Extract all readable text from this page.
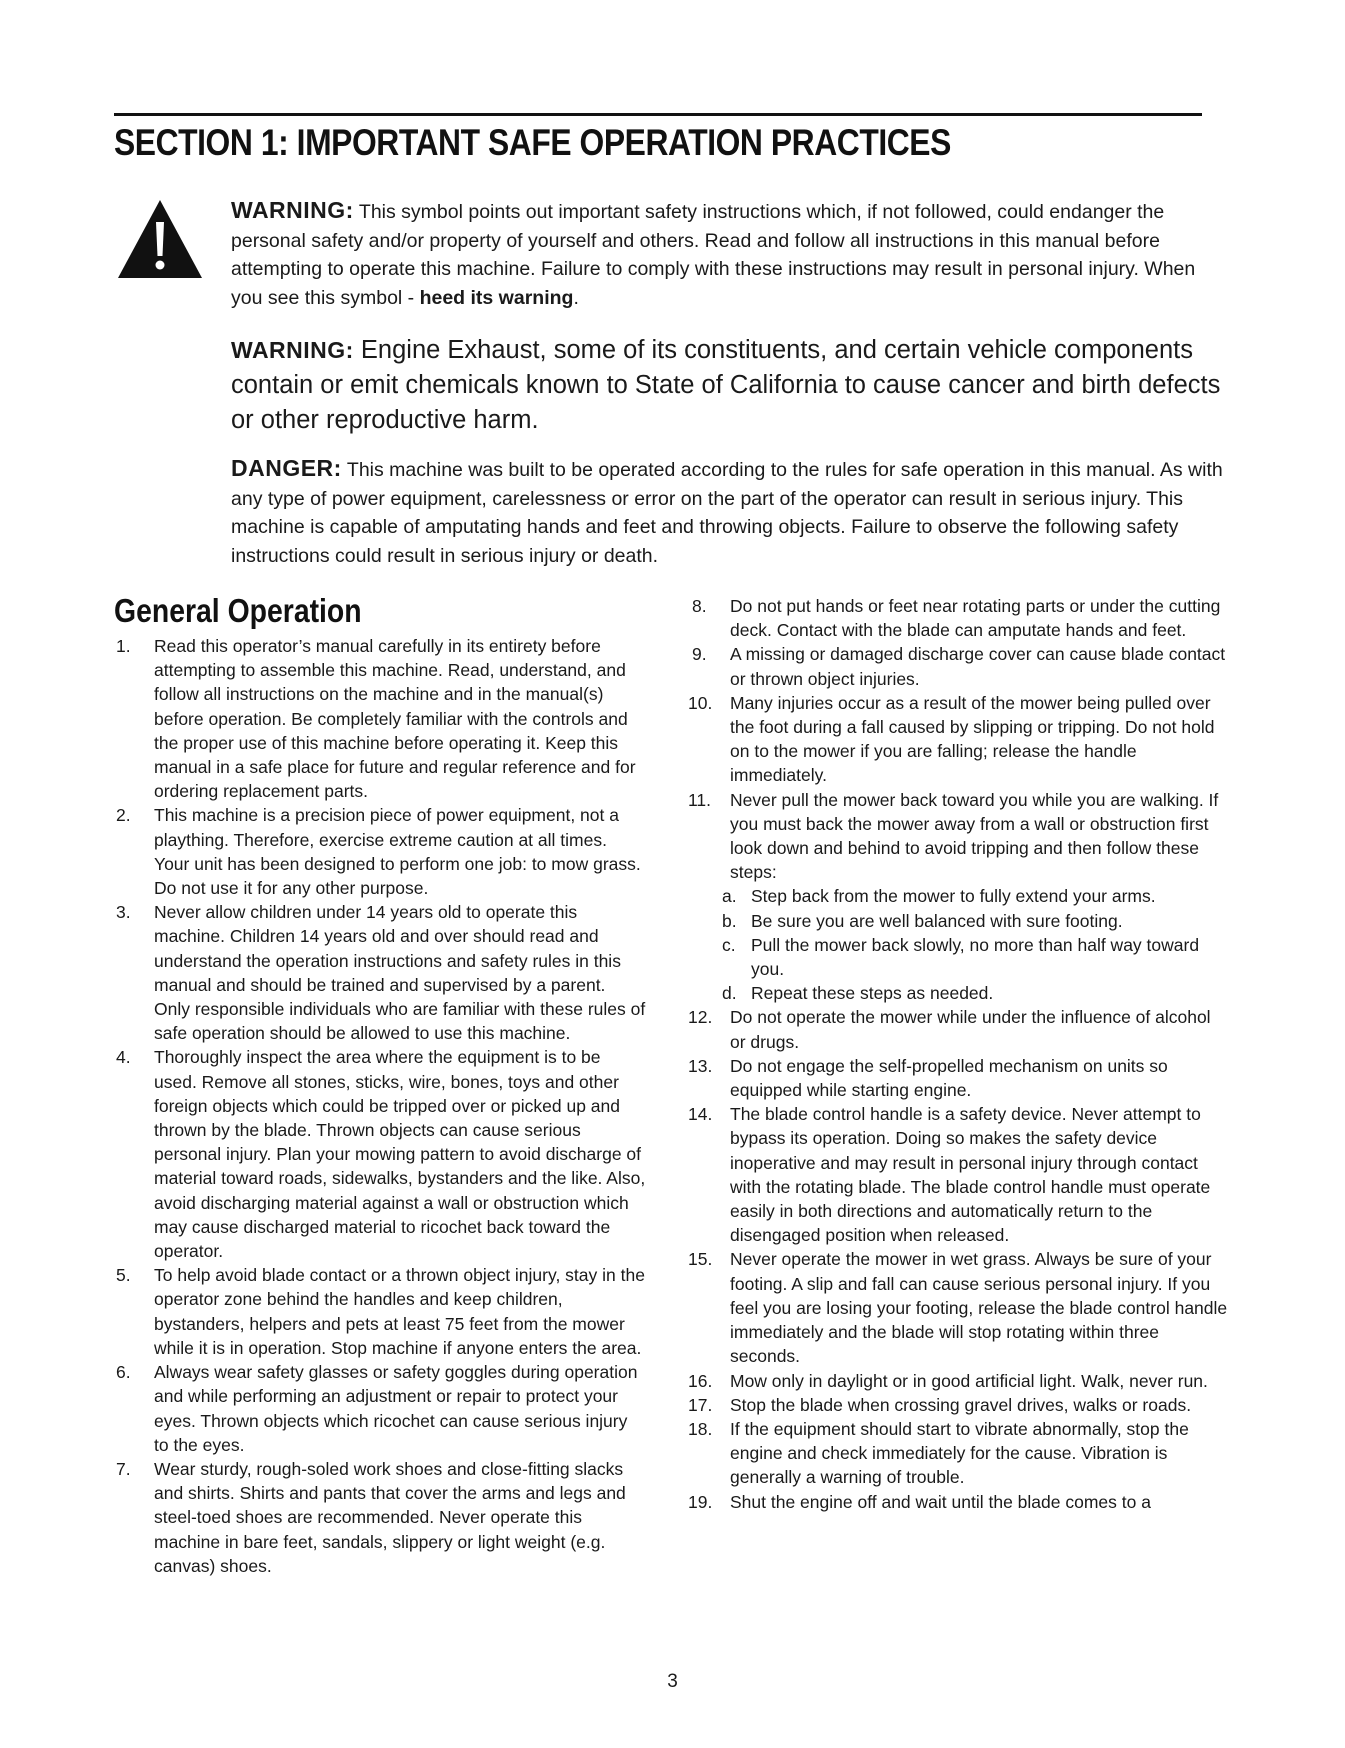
SECTION 1: IMPORTANT SAFE OPERATION PRACTICES
WARNING: This symbol points out important safety instructions which, if not followed, could endanger the personal safety and/or property of yourself and others. Read and follow all instructions in this manual before attempting to operate this machine. Failure to comply with these instructions may result in personal injury. When you see this symbol - heed its warning.
WARNING: Engine Exhaust, some of its constituents, and certain vehicle components contain or emit chemicals known to State of California to cause cancer and birth defects or other reproductive harm.
DANGER: This machine was built to be operated according to the rules for safe operation in this manual. As with any type of power equipment, carelessness or error on the part of the operator can result in serious injury. This machine is capable of amputating hands and feet and throwing objects. Failure to observe the following safety instructions could result in serious injury or death.
General Operation
1. Read this operator’s manual carefully in its entirety before attempting to assemble this machine. Read, understand, and follow all instructions on the machine and in the manual(s) before operation. Be completely familiar with the controls and the proper use of this machine before operating it. Keep this manual in a safe place for future and regular reference and for ordering replacement parts.
2. This machine is a precision piece of power equipment, not a plaything. Therefore, exercise extreme caution at all times. Your unit has been designed to perform one job: to mow grass. Do not use it for any other purpose.
3. Never allow children under 14 years old to operate this machine. Children 14 years old and over should read and understand the operation instructions and safety rules in this manual and should be trained and supervised by a parent. Only responsible individuals who are familiar with these rules of safe operation should be allowed to use this machine.
4. Thoroughly inspect the area where the equipment is to be used. Remove all stones, sticks, wire, bones, toys and other foreign objects which could be tripped over or picked up and thrown by the blade. Thrown objects can cause serious personal injury. Plan your mowing pattern to avoid discharge of material toward roads, sidewalks, bystanders and the like. Also, avoid discharging material against a wall or obstruction which may cause discharged material to ricochet back toward the operator.
5. To help avoid blade contact or a thrown object injury, stay in the operator zone behind the handles and keep children, bystanders, helpers and pets at least 75 feet from the mower while it is in operation. Stop machine if anyone enters the area.
6. Always wear safety glasses or safety goggles during operation and while performing an adjustment or repair to protect your eyes. Thrown objects which ricochet can cause serious injury to the eyes.
7. Wear sturdy, rough-soled work shoes and close-fitting slacks and shirts. Shirts and pants that cover the arms and legs and steel-toed shoes are recommended. Never operate this machine in bare feet, sandals, slippery or light weight (e.g. canvas) shoes.
8. Do not put hands or feet near rotating parts or under the cutting deck. Contact with the blade can amputate hands and feet.
9. A missing or damaged discharge cover can cause blade contact or thrown object injuries.
10. Many injuries occur as a result of the mower being pulled over the foot during a fall caused by slipping or tripping. Do not hold on to the mower if you are falling; release the handle immediately.
11. Never pull the mower back toward you while you are walking. If you must back the mower away from a wall or obstruction first look down and behind to avoid tripping and then follow these steps:
a. Step back from the mower to fully extend your arms.
b. Be sure you are well balanced with sure footing.
c. Pull the mower back slowly, no more than half way toward you.
d. Repeat these steps as needed.
12. Do not operate the mower while under the influence of alcohol or drugs.
13. Do not engage the self-propelled mechanism on units so equipped while starting engine.
14. The blade control handle is a safety device. Never attempt to bypass its operation. Doing so makes the safety device inoperative and may result in personal injury through contact with the rotating blade. The blade control handle must operate easily in both directions and automatically return to the disengaged position when released.
15. Never operate the mower in wet grass. Always be sure of your footing. A slip and fall can cause serious personal injury. If you feel you are losing your footing, release the blade control handle immediately and the blade will stop rotating within three seconds.
16. Mow only in daylight or in good artificial light. Walk, never run.
17. Stop the blade when crossing gravel drives, walks or roads.
18. If the equipment should start to vibrate abnormally, stop the engine and check immediately for the cause. Vibration is generally a warning of trouble.
19. Shut the engine off and wait until the blade comes to a
3
